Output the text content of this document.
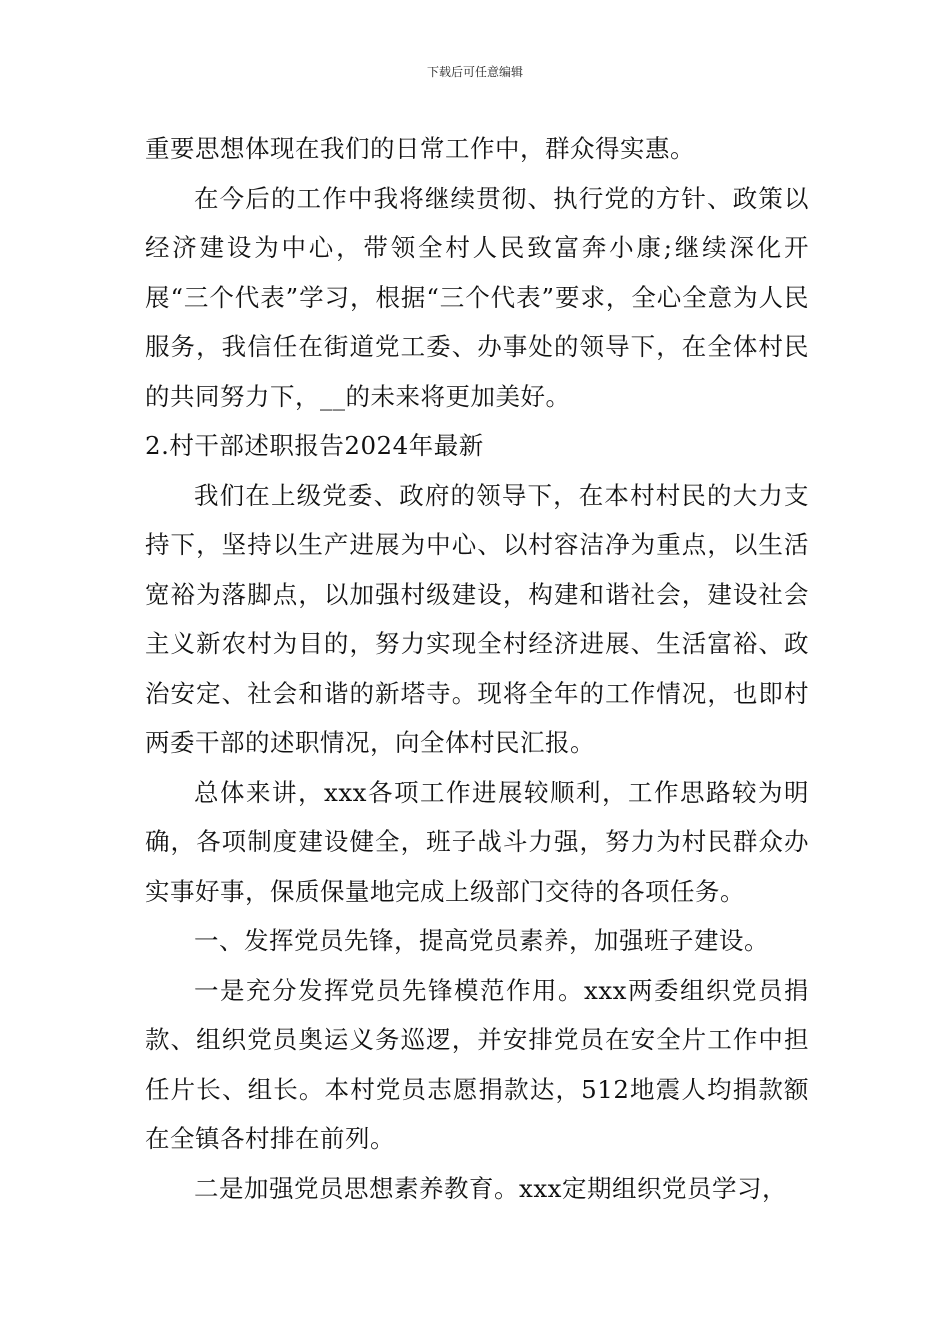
下载后可任意编辑

重要思想体现在我们的日常工作中，群众得实惠。

在今后的工作中我将继续贯彻、执行党的方针、政策以经济建设为中心，带领全村人民致富奔小康;继续深化开展“三个代表”学习，根据“三个代表”要求，全心全意为人民服务，我信任在街道党工委、办事处的领导下，在全体村民的共同努力下，__的未来将更加美好。

2.村干部述职报告2024年最新

我们在上级党委、政府的领导下，在本村村民的大力支持下，坚持以生产进展为中心、以村容洁净为重点，以生活宽裕为落脚点，以加强村级建设，构建和谐社会，建设社会主义新农村为目的，努力实现全村经济进展、生活富裕、政治安定、社会和谐的新塔寺。现将全年的工作情况，也即村两委干部的述职情况，向全体村民汇报。

总体来讲，xxx各项工作进展较顺利，工作思路较为明确，各项制度建设健全，班子战斗力强，努力为村民群众办实事好事，保质保量地完成上级部门交待的各项任务。

一、发挥党员先锋，提高党员素养，加强班子建设。

一是充分发挥党员先锋模范作用。xxx两委组织党员捐款、组织党员奥运义务巡逻，并安排党员在安全片工作中担任片长、组长。本村党员志愿捐款达，512地震人均捐款额在全镇各村排在前列。

二是加强党员思想素养教育。xxx定期组织党员学习，
